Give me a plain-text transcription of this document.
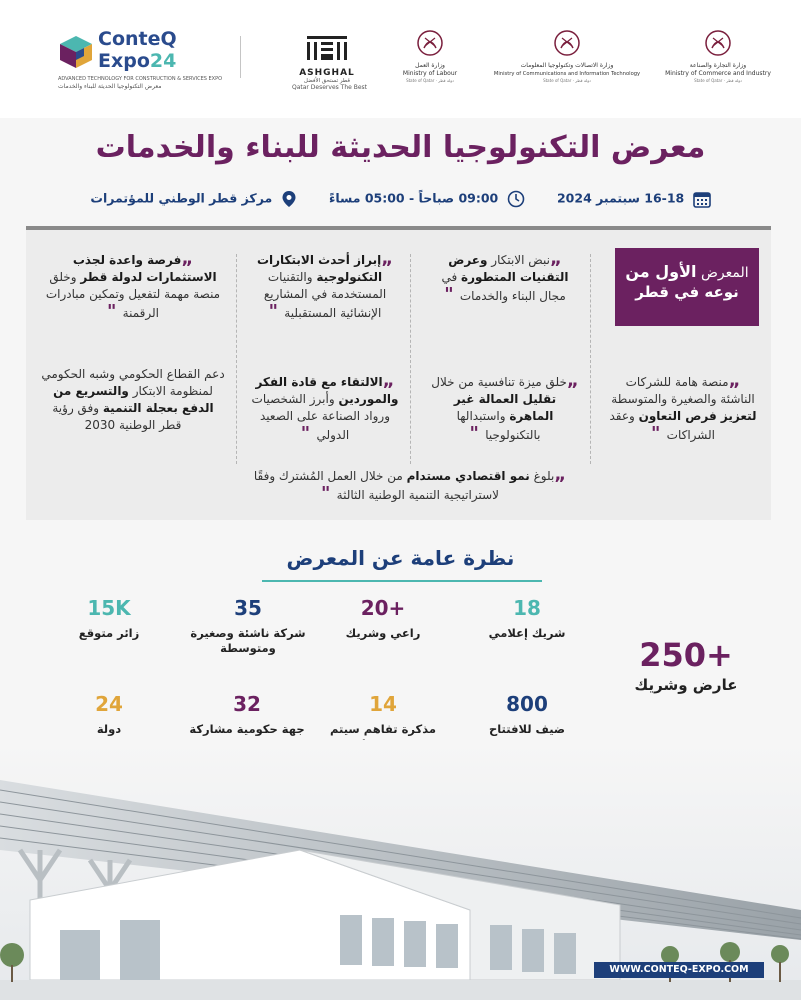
ConteQ
Expo24
ADVANCED TECHNOLOGY FOR CONSTRUCTION & SERVICES EXPO
معرض التكنولوجيا الحديثة للبناء والخدمات
ASHGHAL
قطر تستحق الأفضل
Qatar Deserves The Best
وزارة العمل
Ministry of Labour
State of Qatar · دولة قطر
وزارة الاتصالات وتكنولوجيا المعلومات
Ministry of Communications and Information Technology
State of Qatar · دولة قطر
وزارة التجارة والصناعة
Ministry of Commerce and Industry
State of Qatar · دولة قطر
معرض التكنولوجيا الحديثة للبناء والخدمات
16-18 سبتمبر 2024  09:00 صباحاً - 05:00 مساءً  مركز قطر الوطني للمؤتمرات
المعرض الأول من
نوعه في قطر
„نبض الابتكار وعرض التقنيات المتطورة في مجال البناء والخدمات "
„إبراز أحدث الابتكارات التكنولوجية والتقنيات المستخدمة في المشاريع الإنشائية المستقبلية "
„فرصة واعدة لجذب الاستثمارات لدولة قطر وخلق منصة مهمة لتفعيل وتمكين مبادرات الرقمنة "
„منصة هامة للشركات الناشئة والصغيرة والمتوسطة لتعزيز فرص التعاون وعقد الشراكات "
„خلق ميزة تنافسية من خلال تقليل العمالة غير الماهرة واستبدالها بالتكنولوجيا "
„الالتقاء مع قادة الفكر والموردين وأبرز الشخصيات ورواد الصناعة على الصعيد الدولي "
دعم القطاع الحكومي وشبه الحكومي لمنظومة الابتكار والتسريع من الدفع بعجلة التنمية وفق رؤية قطر الوطنية 2030
„بلوغ نمو اقتصادي مستدام من خلال العمل المُشترك وفقًا لاستراتيجية التنمية الوطنية الثالثة "
نظرة عامة عن المعرض
250+
عارض وشريك
18
شريك إعلامي
20+
راعي وشريك
35
شركة ناشئة وصغيرة ومتوسطة
15K
زائر متوقع
800
ضيف للافتتاح
14
مذكرة تفاهم سيتم
32
جهة حكومية مشاركة
24
دولة
WWW.CONTEQ-EXPO.COM
